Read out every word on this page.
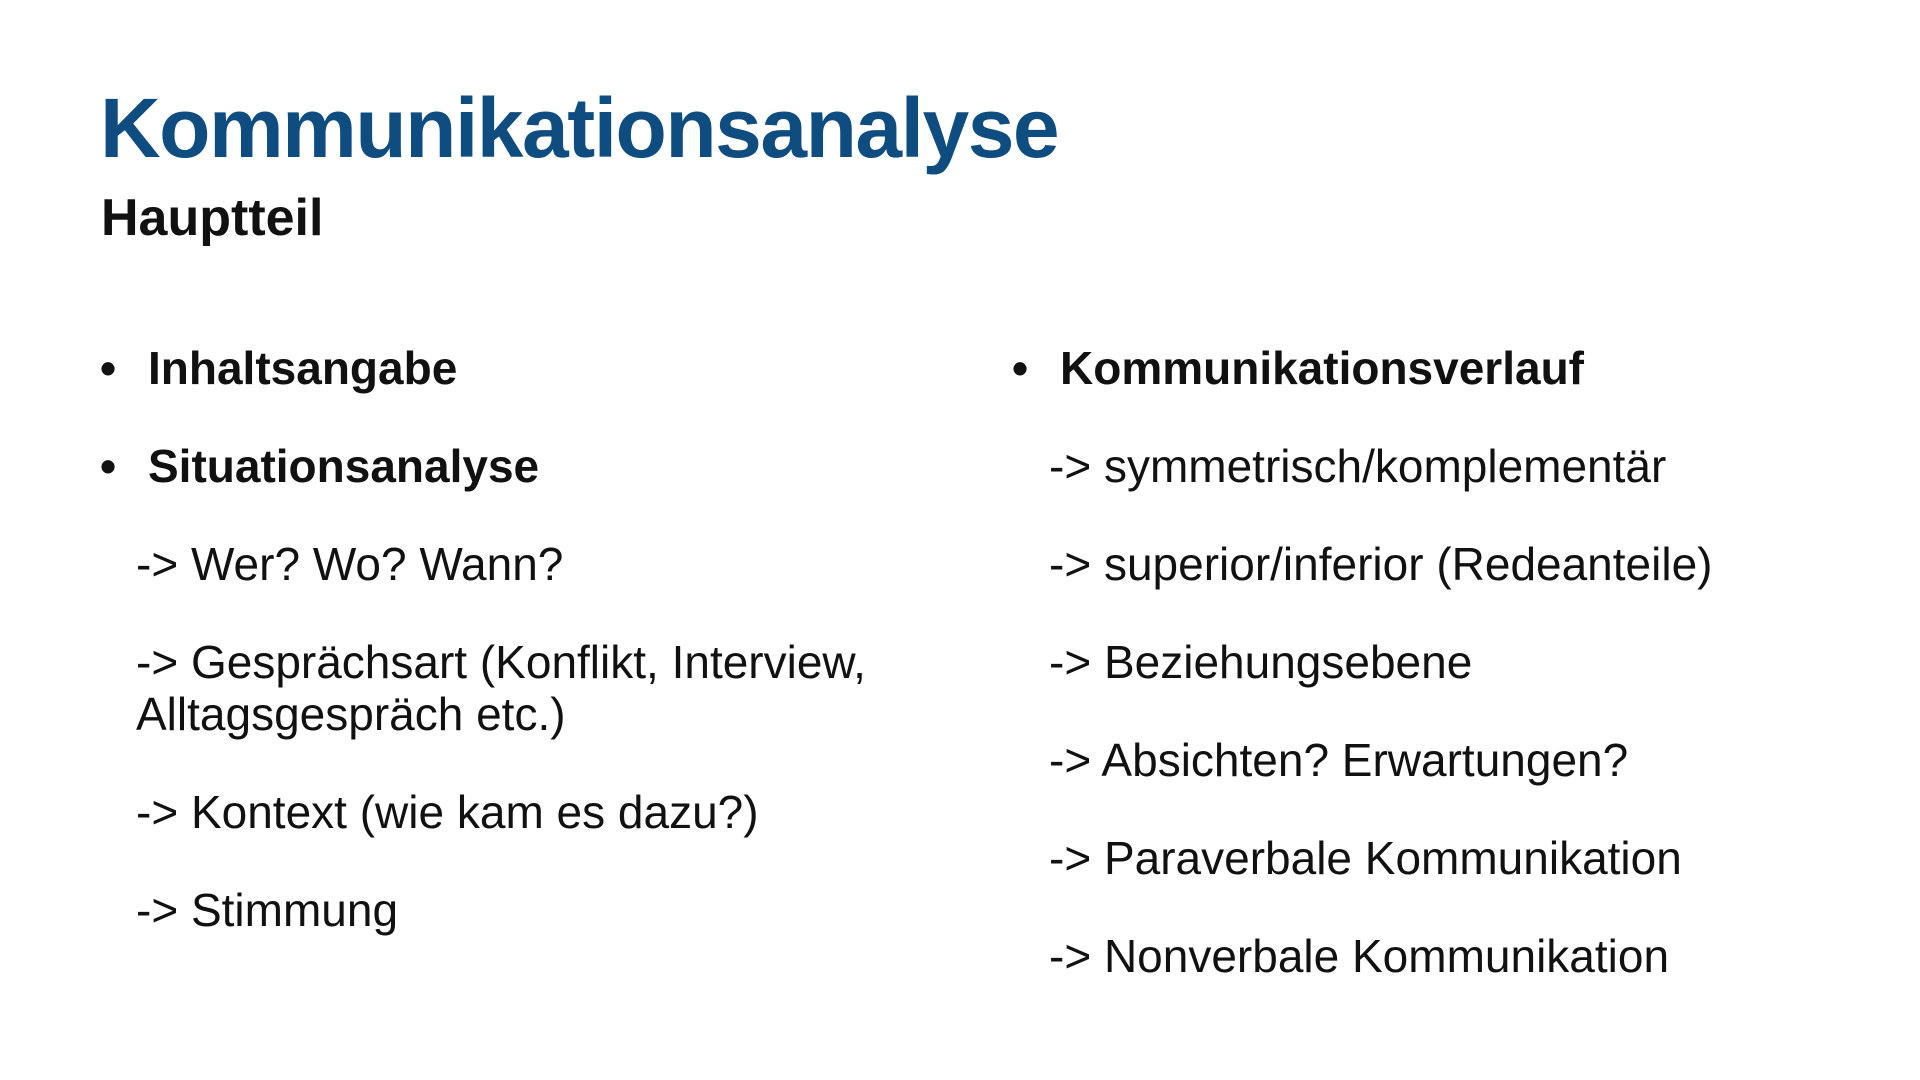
Kommunikationsanalyse
Hauptteil
• Inhaltsangabe
• Situationsanalyse
-> Wer? Wo? Wann?
-> Gesprächsart (Konflikt, Interview, Alltagsgespräch etc.)
-> Kontext (wie kam es dazu?)
-> Stimmung
• Kommunikationsverlauf
-> symmetrisch/komplementär
-> superior/inferior (Redeanteile)
-> Beziehungsebene
-> Absichten? Erwartungen?
-> Paraverbale Kommunikation
-> Nonverbale Kommunikation
